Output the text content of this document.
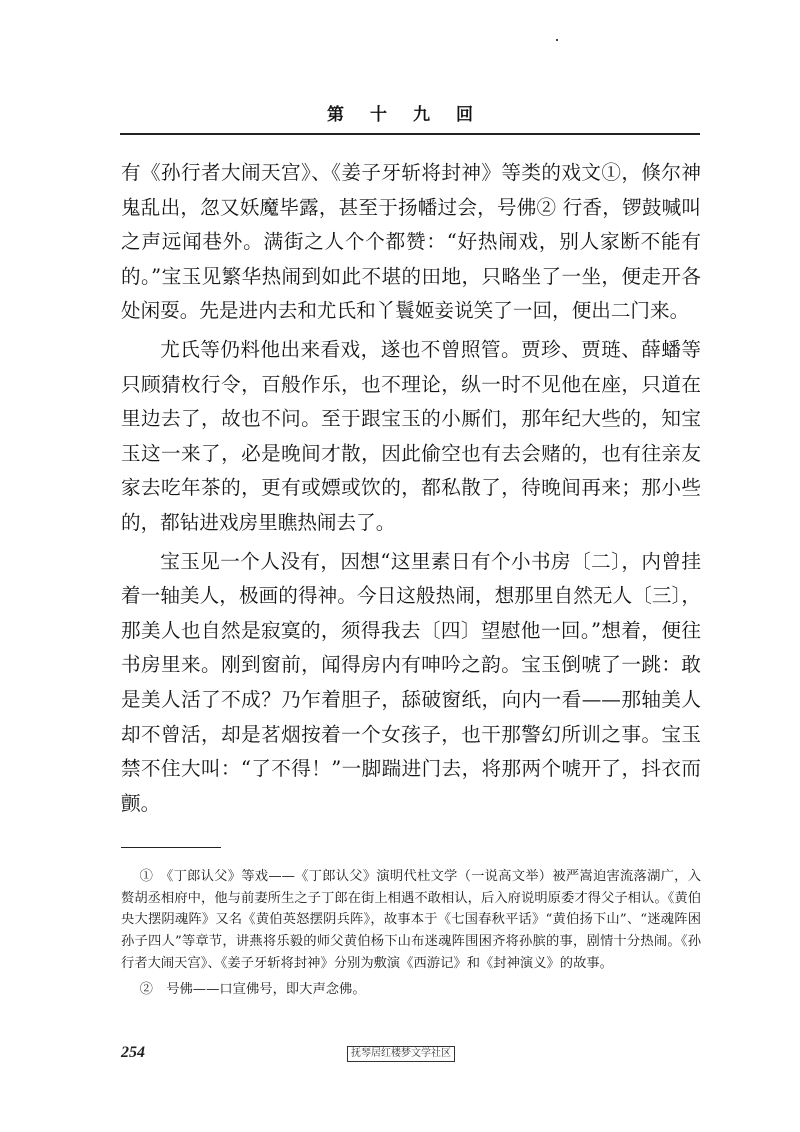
第十九回

有《孙行者大闹天宫》、《姜子牙斩将封神》等类的戏文①，倏尔神鬼乱出，忽又妖魔毕露，甚至于扬幡过会，号佛② 行香，锣鼓喊叫之声远闻巷外。满街之人个个都赞：“好热闹戏，别人家断不能有的。”宝玉见繁华热闹到如此不堪的田地，只略坐了一坐，便走开各处闲耍。先是进内去和尤氏和丫鬟姬妾说笑了一回，便出二门来。

尤氏等仍料他出来看戏，遂也不曾照管。贾珍、贾琏、薛蟠等只顾猜枚行令，百般作乐，也不理论，纵一时不见他在座，只道在里边去了，故也不问。至于跟宝玉的小厮们，那年纪大些的，知宝玉这一来了，必是晚间才散，因此偷空也有去会赌的，也有往亲友家去吃年茶的，更有或嫖或饮的，都私散了，待晚间再来；那小些的，都钻进戏房里瞧热闹去了。

宝玉见一个人没有，因想“这里素日有个小书房〔二〕，内曾挂着一轴美人，极画的得神。今日这般热闹，想那里自然无人〔三〕，那美人也自然是寂寞的，须得我去〔四〕望慰他一回。”想着，便往书房里来。刚到窗前，闻得房内有呻吟之韵。宝玉倒唬了一跳：敢是美人活了不成？乃乍着胆子，舔破窗纸，向内一看——那轴美人却不曾活，却是茗烟按着一个女孩子，也干那警幻所训之事。宝玉禁不住大叫：“了不得！”一脚踹进门去，将那两个唬开了，抖衣而颤。

①　《丁郎认父》等戏——《丁郎认父》演明代杜文学（一说高文举）被严嵩迫害流落湖广，入赘胡丞相府中，他与前妻所生之子丁郎在街上相遇不敢相认，后入府说明原委才得父子相认。《黄伯央大摆阴魂阵》又名《黄伯英怒摆阴兵阵》，故事本于《七国春秋平话》“黄伯扬下山”、“迷魂阵困孙子四人”等章节，讲燕将乐毅的师父黄伯杨下山布迷魂阵围困齐将孙膑的事，剧情十分热闹。《孙行者大闹天宫》、《姜子牙斩将封神》分别为敷演《西游记》和《封神演义》的故事。

②　号佛——口宣佛号，即大声念佛。

254	抚琴居红楼梦文学社区
